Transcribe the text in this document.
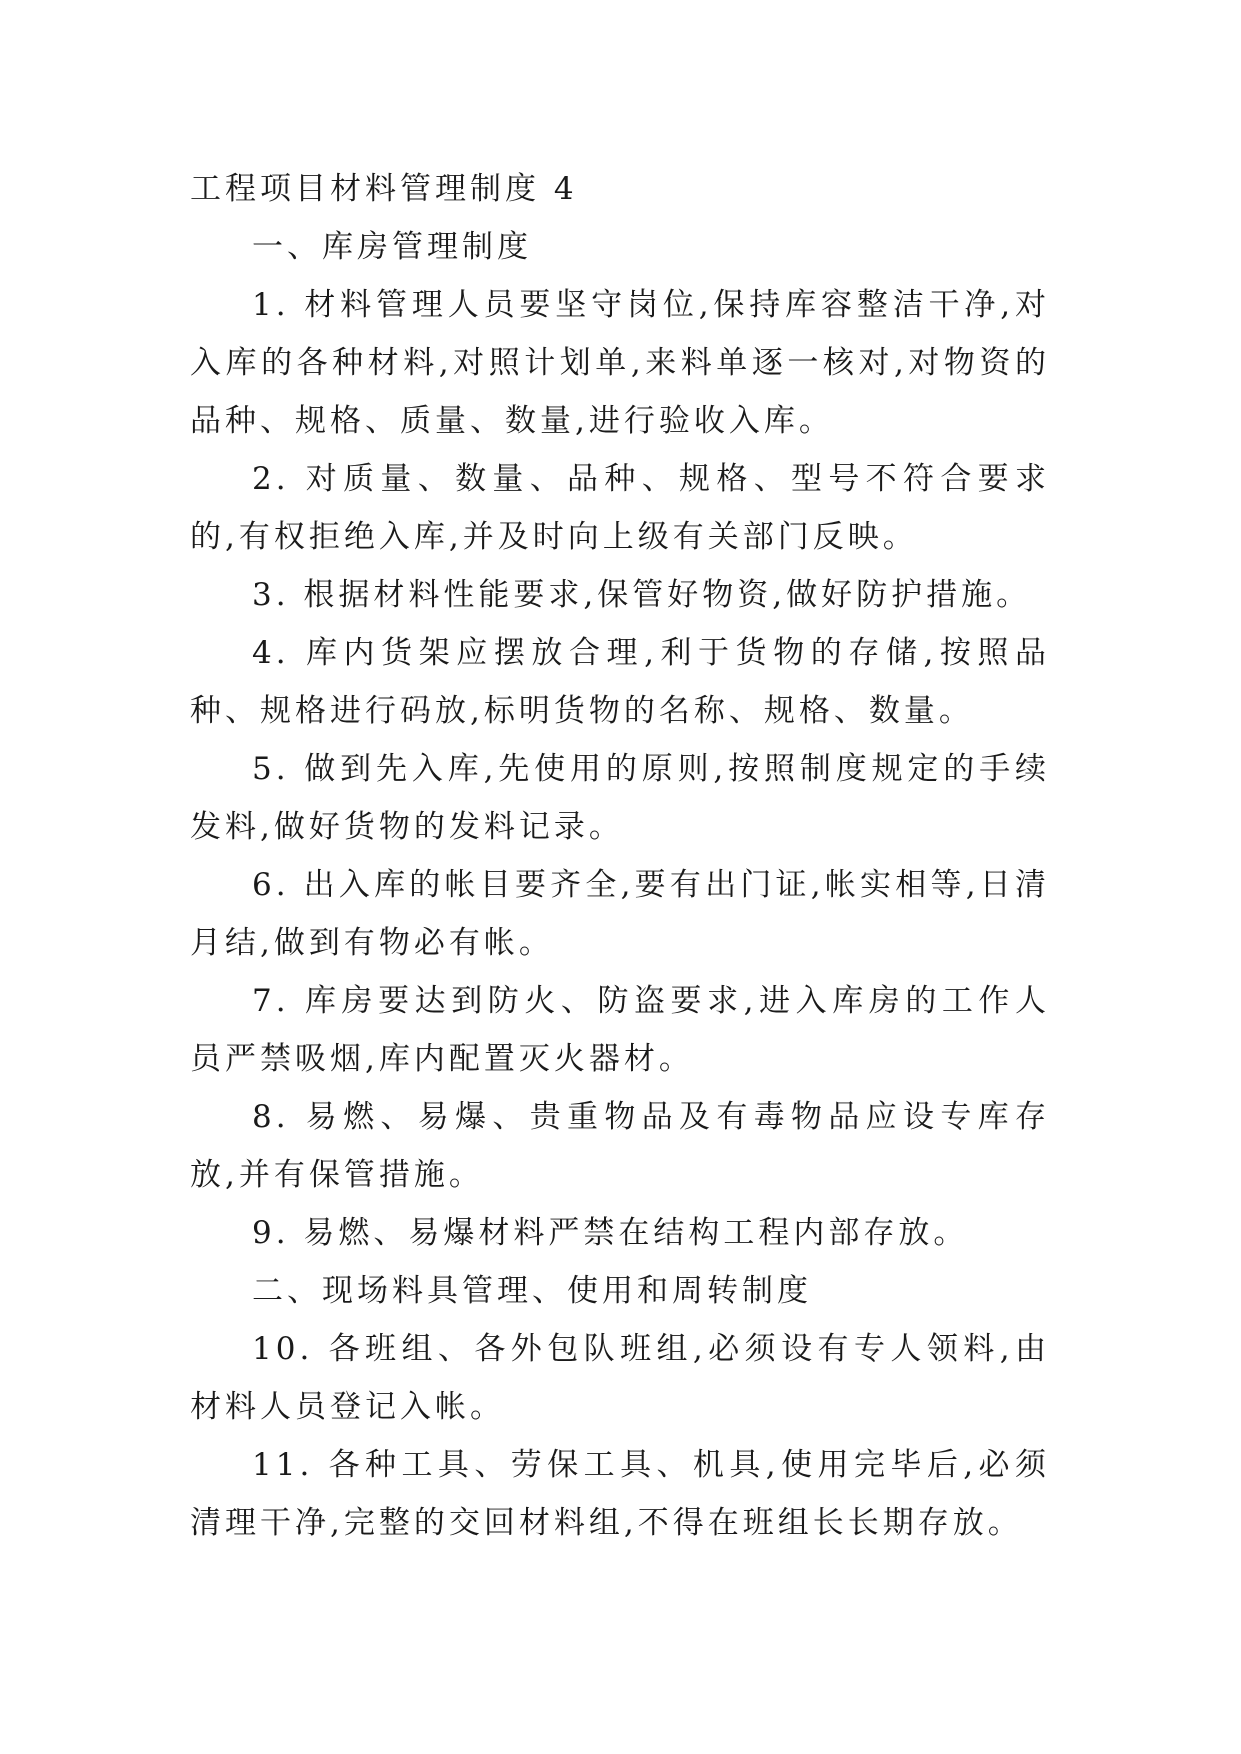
工程项目材料管理制度 4

一、库房管理制度

1. 材料管理人员要坚守岗位,保持库容整洁干净,对入库的各种材料,对照计划单,来料单逐一核对,对物资的品种、规格、质量、数量,进行验收入库。

2. 对质量、数量、品种、规格、型号不符合要求的,有权拒绝入库,并及时向上级有关部门反映。

3. 根据材料性能要求,保管好物资,做好防护措施。

4. 库内货架应摆放合理,利于货物的存储,按照品种、规格进行码放,标明货物的名称、规格、数量。

5. 做到先入库,先使用的原则,按照制度规定的手续发料,做好货物的发料记录。

6. 出入库的帐目要齐全,要有出门证,帐实相等,日清月结,做到有物必有帐。

7. 库房要达到防火、防盗要求,进入库房的工作人员严禁吸烟,库内配置灭火器材。

8. 易燃、易爆、贵重物品及有毒物品应设专库存放,并有保管措施。

9. 易燃、易爆材料严禁在结构工程内部存放。

二、现场料具管理、使用和周转制度

10. 各班组、各外包队班组,必须设有专人领料,由材料人员登记入帐。

11. 各种工具、劳保工具、机具,使用完毕后,必须清理干净,完整的交回材料组,不得在班组长长期存放。
